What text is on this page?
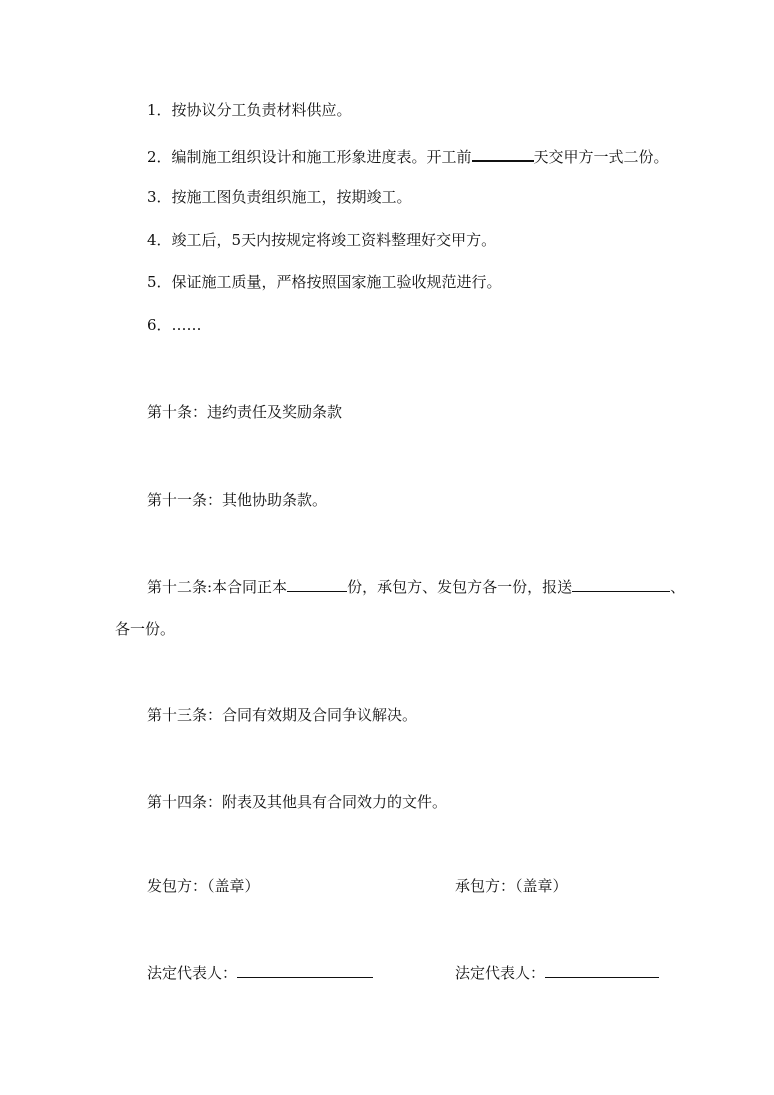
1．按协议分工负责材料供应。
2．编制施工组织设计和施工形象进度表。开工前	天交甲方一式二份。
3．按施工图负责组织施工，按期竣工。
4．竣工后，5天内按规定将竣工资料整理好交甲方。
5．保证施工质量，严格按照国家施工验收规范进行。
6．……
第十条：违约责任及奖励条款
第十一条：其他协助条款。
第十二条:本合同正本	份，承包方、发包方各一份，报送	、
各一份。
第十三条：合同有效期及合同争议解决。
第十四条：附表及其他具有合同效力的文件。
发包方：（盖章）	承包方：（盖章）
法定代表人：	法定代表人：
